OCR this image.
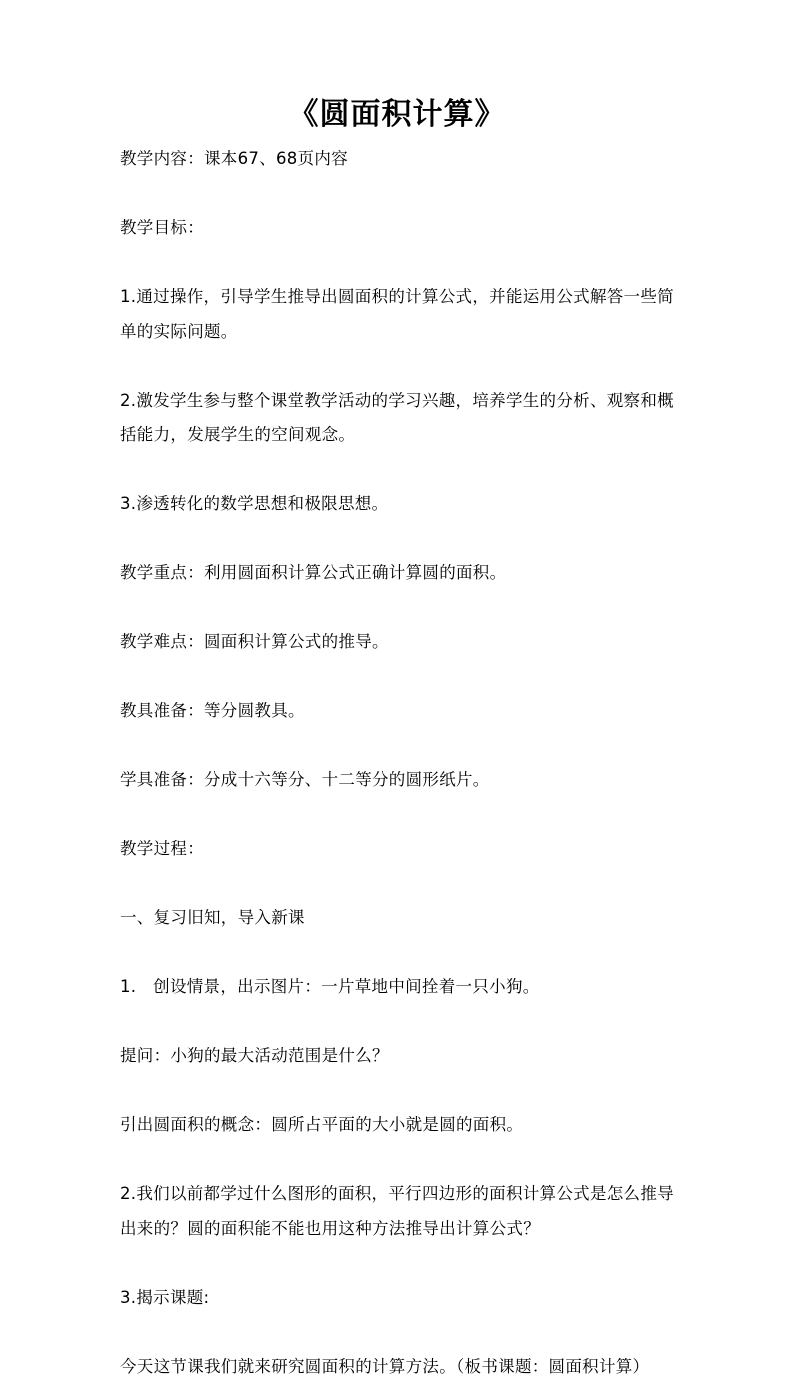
《圆面积计算》

教学内容：课本67、68页内容

教学目标：

1.通过操作，引导学生推导出圆面积的计算公式，并能运用公式解答一些简单的实际问题。

2.激发学生参与整个课堂教学活动的学习兴趣，培养学生的分析、观察和概括能力，发展学生的空间观念。

3.渗透转化的数学思想和极限思想。

教学重点：利用圆面积计算公式正确计算圆的面积。

教学难点：圆面积计算公式的推导。

教具准备：等分圆教具。

学具准备：分成十六等分、十二等分的圆形纸片。

教学过程：

一、复习旧知，导入新课

1.　创设情景，出示图片：一片草地中间拴着一只小狗。

提问：小狗的最大活动范围是什么？

引出圆面积的概念：圆所占平面的大小就是圆的面积。

2.我们以前都学过什么图形的面积，平行四边形的面积计算公式是怎么推导出来的？圆的面积能不能也用这种方法推导出计算公式？

3.揭示课题:

今天这节课我们就来研究圆面积的计算方法。（板书课题：圆面积计算）
